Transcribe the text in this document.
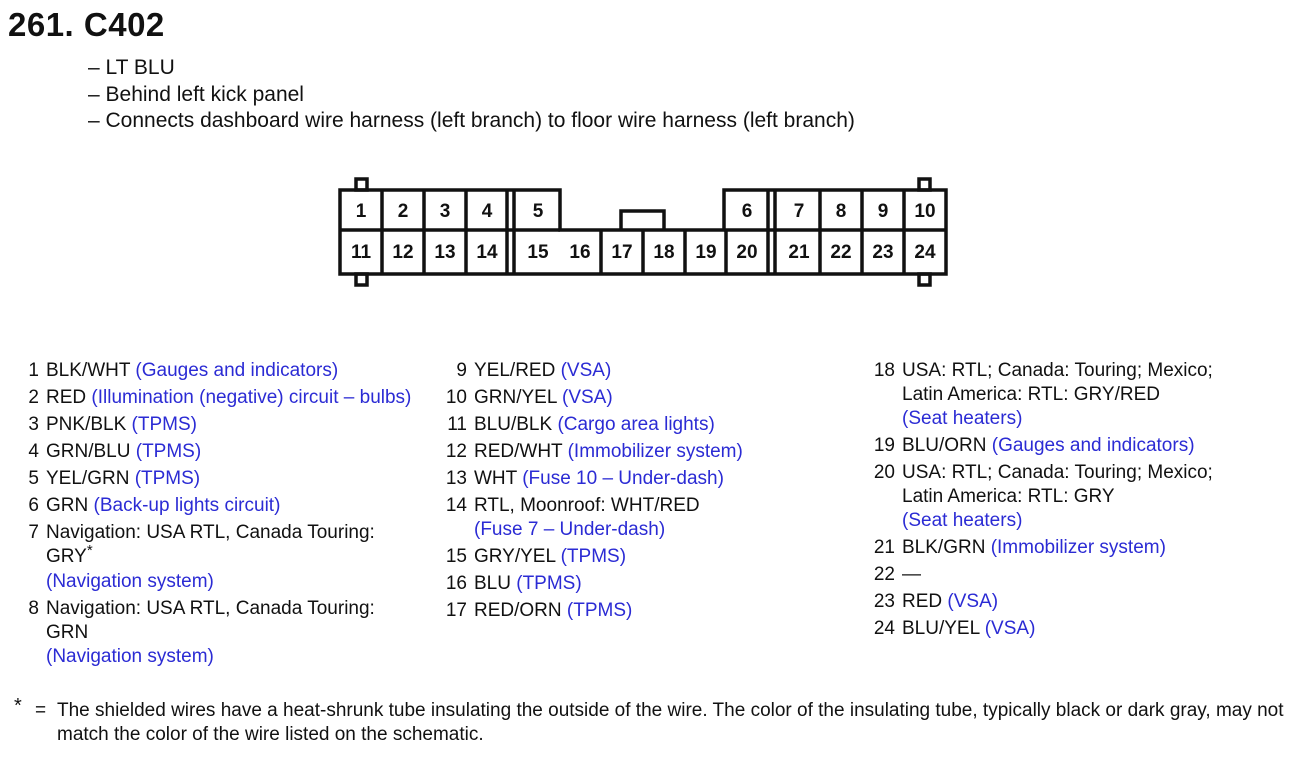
261. C402
– LT BLU
– Behind left kick panel
– Connects dashboard wire harness (left branch) to floor wire harness (left branch)
1 2 3 4 5	6 7 8 9 10
11 12 13 14 15 16 17 18 19 20 21 22 23 24
1 BLK/WHT (Gauges and indicators)
2 RED (Illumination (negative) circuit – bulbs)
3 PNK/BLK (TPMS)
4 GRN/BLU (TPMS)
5 YEL/GRN (TPMS)
6 GRN (Back-up lights circuit)
7 Navigation: USA RTL, Canada Touring:
GRY*
(Navigation system)
8 Navigation: USA RTL, Canada Touring:
GRN
(Navigation system)
9 YEL/RED (VSA)
10 GRN/YEL (VSA)
11 BLU/BLK (Cargo area lights)
12 RED/WHT (Immobilizer system)
13 WHT (Fuse 10 – Under-dash)
14 RTL, Moonroof: WHT/RED
(Fuse 7 – Under-dash)
15 GRY/YEL (TPMS)
16 BLU (TPMS)
17 RED/ORN (TPMS)
18 USA: RTL; Canada: Touring; Mexico;
Latin America: RTL: GRY/RED
(Seat heaters)
19 BLU/ORN (Gauges and indicators)
20 USA: RTL; Canada: Touring; Mexico;
Latin America: RTL: GRY
(Seat heaters)
21 BLK/GRN (Immobilizer system)
22 —
23 RED (VSA)
24 BLU/YEL (VSA)
* = The shielded wires have a heat-shrunk tube insulating the outside of the wire. The color of the insulating tube, typically black or dark gray, may not match the color of the wire listed on the schematic.
